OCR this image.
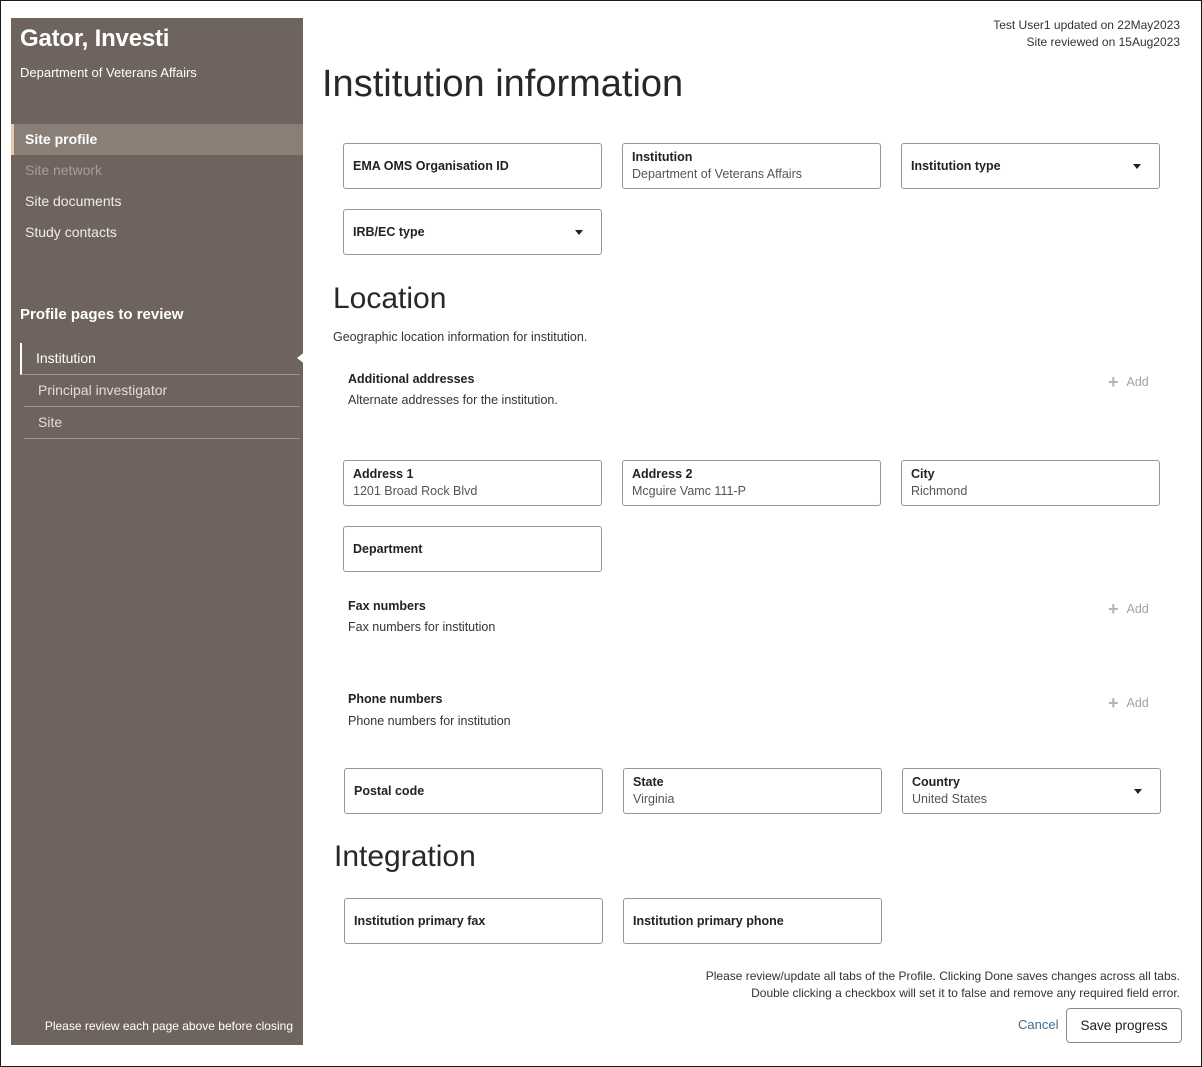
Gator, Investi
Department of Veterans Affairs
Site profile
Site network
Site documents
Study contacts
Profile pages to review
Institution
Principal investigator
Site
Please review each page above before closing
Test User1 updated on 22May2023
Site reviewed on 15Aug2023
Institution information
EMA OMS Organisation ID
Institution
Department of Veterans Affairs
Institution type
IRB/EC type
Location
Geographic location information for institution.
Additional addresses
Alternate addresses for the institution.
+ Add
Address 1
1201 Broad Rock Blvd
Address 2
Mcguire Vamc 111-P
City
Richmond
Department
Fax numbers
Fax numbers for institution
+ Add
Phone numbers
Phone numbers for institution
+ Add
Postal code
State
Virginia
Country
United States
Integration
Institution primary fax	Institution primary phone
Please review/update all tabs of the Profile. Clicking Done saves changes across all tabs.
Double clicking a checkbox will set it to false and remove any required field error.
Cancel	Save progress
